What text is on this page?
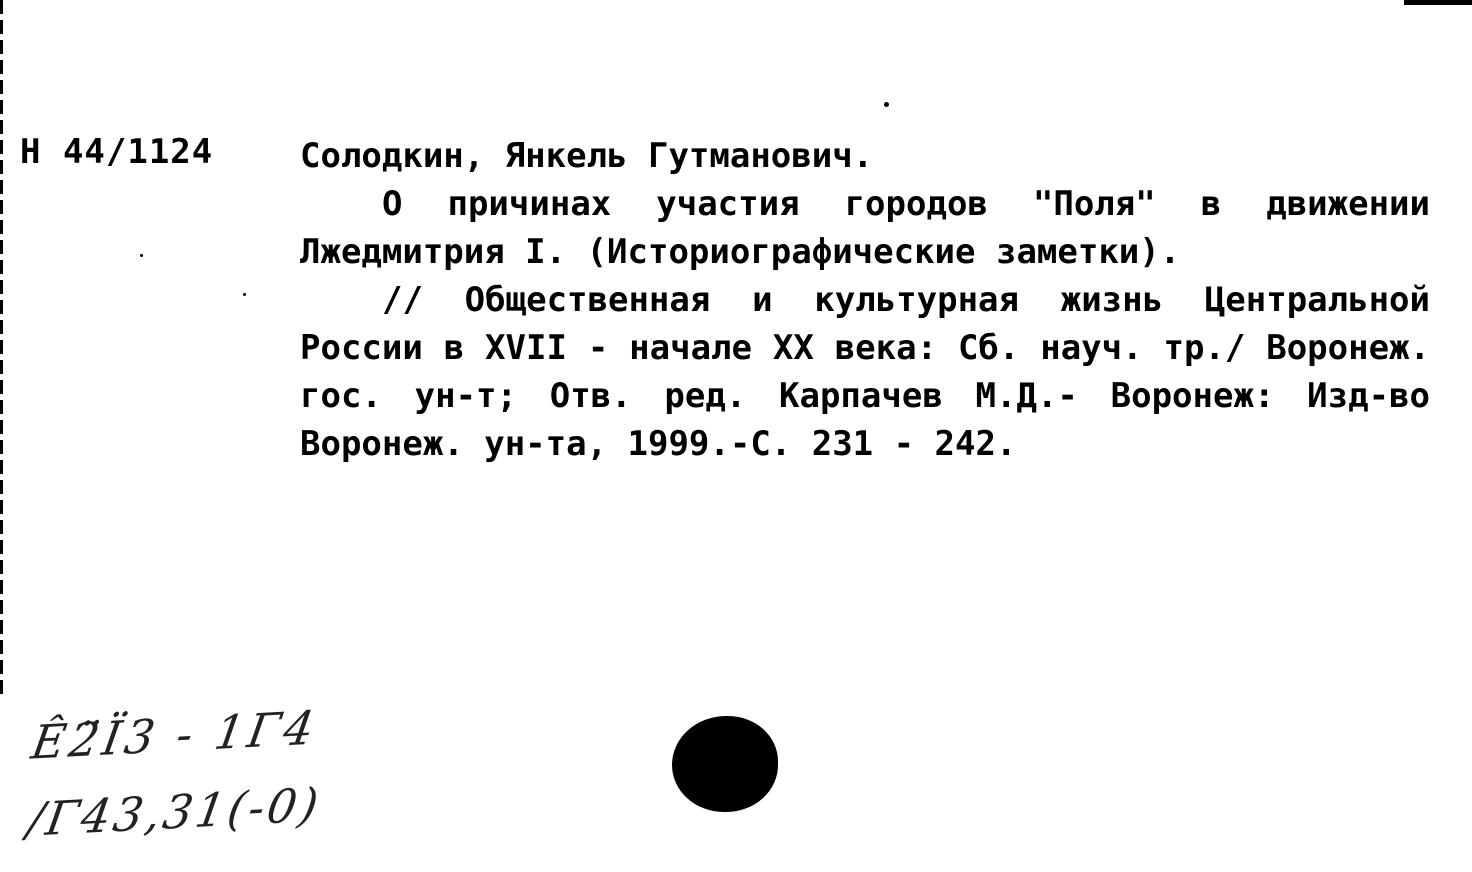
Н 44/1124	Солодкин, Янкель Гутманович.

О причинах участия городов "Поля" в движении Лжедмитрия I. (Историографические заметки).

// Общественная и культурная жизнь Центральной России в XVII - начале XX века: Сб. науч. тр./ Воронеж. гос. ун-т; Отв. ред. Карпачев М.Д.- Воронеж: Изд-во Воронеж. ун-та, 1999.-С. 231 - 242.

Ê2̈Ϊ3 - 1Γ4
/Γ43,31(-0)
